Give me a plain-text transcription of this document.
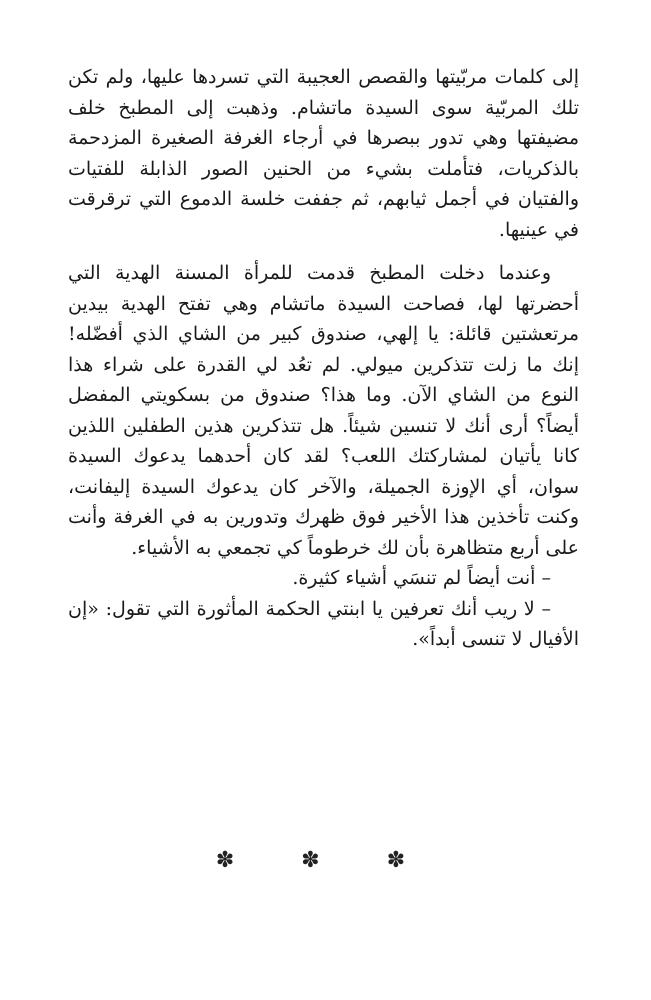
إلى كلمات مربّيتها والقصص العجيبة التي تسردها عليها، ولم تكن تلك المربّية سوى السيدة ماتشام. وذهبت إلى المطبخ خلف مضيفتها وهي تدور ببصرها في أرجاء الغرفة الصغيرة المزدحمة بالذكريات، فتأملت بشيء من الحنين الصور الذابلة للفتيات والفتيان في أجمل ثيابهم، ثم جففت خلسة الدموع التي ترقرقت في عينيها.

وعندما دخلت المطبخ قدمت للمرأة المسنة الهدية التي أحضرتها لها، فصاحت السيدة ماتشام وهي تفتح الهدية بيدين مرتعشتين قائلة: يا إلهي، صندوق كبير من الشاي الذي أفضّله! إنك ما زلت تتذكرين ميولي. لم تعُد لي القدرة على شراء هذا النوع من الشاي الآن. وما هذا؟ صندوق من بسكويتي المفضل أيضاً؟ أرى أنك لا تنسين شيئاً. هل تتذكرين هذين الطفلين اللذين كانا يأتيان لمشاركتك اللعب؟ لقد كان أحدهما يدعوك السيدة سوان، أي الإوزة الجميلة، والآخر كان يدعوك السيدة إليفانت، وكنت تأخذين هذا الأخير فوق ظهرك وتدورين به في الغرفة وأنت على أربع متظاهرة بأن لك خرطوماً كي تجمعي به الأشياء.

– أنت أيضاً لم تنسَي أشياء كثيرة.

– لا ريب أنك تعرفين يا ابنتي الحكمة المأثورة التي تقول: «إن الأفيال لا تنسى أبداً».

✽ ✽ ✽
